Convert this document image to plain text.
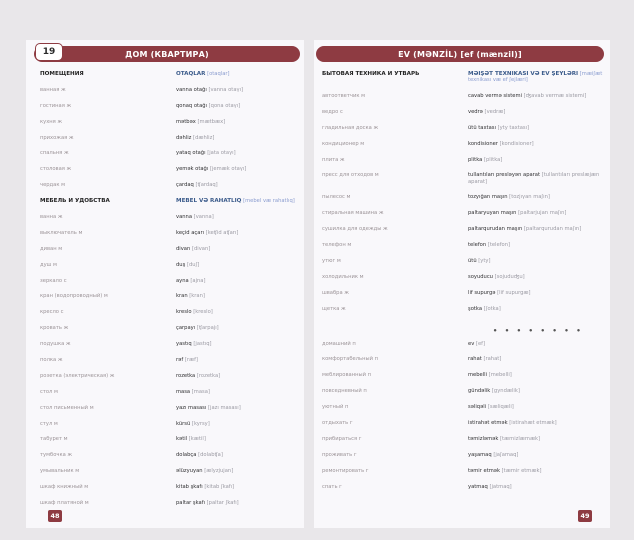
ДОМ (КВАРТИРА)
19
ПОМЕЩЕНИЯ
ванная ж
гостиная ж
кухня ж
прихожая ж
спальня ж
столовая ж
чердак м
МЕБЕЛЬ И УДОБСТВА
ванна ж
выключатель м
диван м
душ м
зеркало с
кран (водопроводный) м
кресло с
кровать ж
подушка ж
полка ж
розетка (электрическая) ж
стол м
стол письменный м
стул м
табурет м
тумбочка ж
умывальник м
шкаф книжный м
шкаф платяной м
OTAQLAR [otaqlar]
vanna otağı [vanna otaγı]
qonaq otağı [qona otaγı]
mətbəx [mætbæx]
dəhliz [dæhliz]
yataq otağı [jata otaγı]
yemək otağı [jemæk otaγı]
çardaq [ʧardaq]
MEBEL VƏ RAHATLIQ [mebel væ rahatlıq]
vanna [vanna]
keçid açarı [keʧid aʧarı]
divan [divan]
duş [duʃ]
ayna [ajna]
kran [kran]
kreslo [kreslo]
çarpayı [ʧarpajı]
yastıq [jastıq]
rəf [ræf]
rozetka [rozetka]
masa [masa]
yazı masası [jazı masası]
kürsü [kyrsy]
kətil [kætil]
dolabça [dolabʧa]
əlüzyuyan [ælyzjujan]
kitab şkafı [kitab ʃkafı]
paltar şkafı [paltar ʃkafı]
48
EV (MƏNZİL) [ef (mænzil)]
БЫТОВАЯ ТЕХНИКА И УТВАРЬ
автоответчик м
ведро с
гладильная доска ж
кондиционер м
плита ж
пресс для отходов м
пылесос м
стиральная машина ж
сушилка для одежды ж
телефон м
утюг м
холодильник м
швабра ж
щетка ж
домашний п
комфортабельный п
меблированный п
повседневный п
уютный п
отдыхать г
прибираться г
проживать г
ремонтировать г
спать г
MƏİŞƏT TEXNİKASI VƏ EV ŞEYLƏRİ [mæiʃæt texnikası væ ef ʃejlæri]
cavab vermə sistemi [ʤavab vermæ sistemi]
vedrə [vedræ]
ütü taxtası [yty taxtası]
kondisioner [kondisioner]
plitka [plitka]
tullantıları presləyən aparat [tullantıları preslæjæn aparat]
tozyığan maşın [tozjıγan maʃın]
paltaryuyan maşın [paltarjujan maʃın]
paltarqurudan maşın [paltarqurudan maʃın]
telefon [telefon]
ütü [yty]
soyuducu [sojuduʤu]
lif supurgə [lif supurgæ]
şotka [ʃotka]
• • • • • • • •
ev [ef]
rahat [rahat]
mebelli [mebelli]
gündəlik [gyndælik]
səliqəli [sæliqæli]
istirahət etmək [istirahæt etmæk]
təmizləmək [tæmizlæmæk]
yaşamaq [jaʃamaq]
təmir etmək [tæmir etmæk]
yatmaq [jatmaq]
49
